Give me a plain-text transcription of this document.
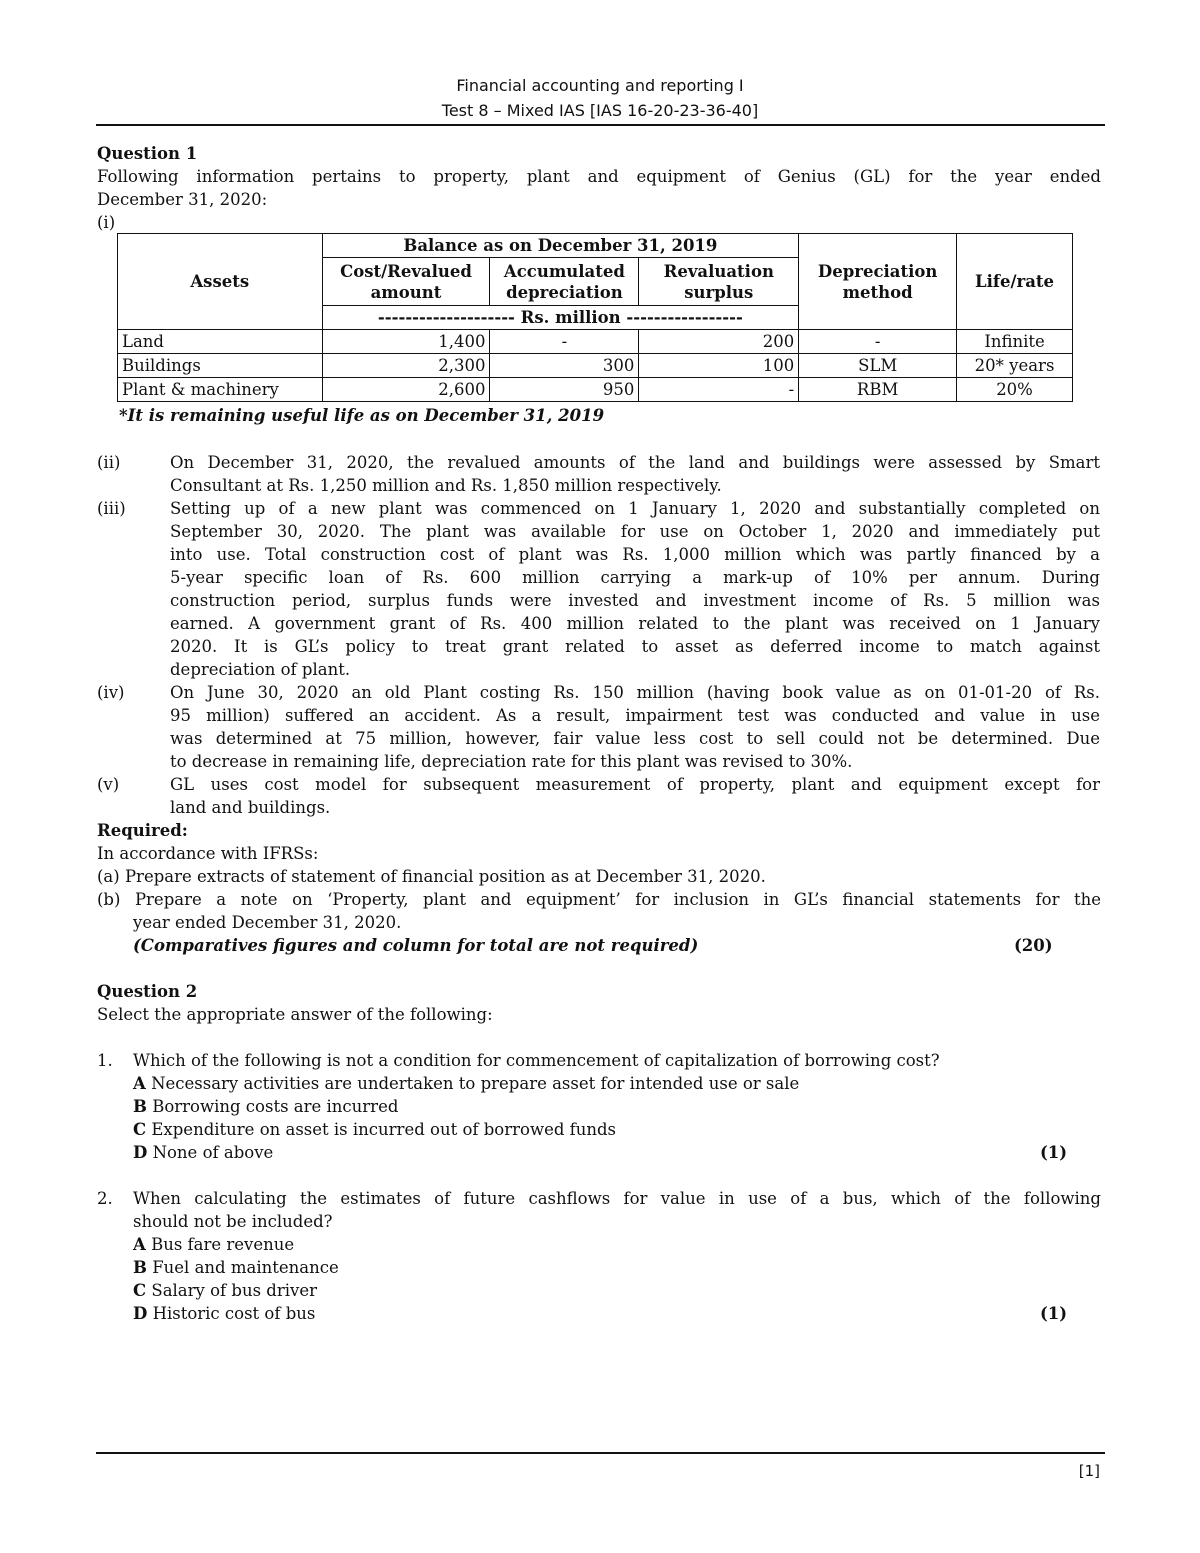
Financial accounting and reporting I
Test 8 – Mixed IAS [IAS 16-20-23-36-40]
Question 1
Following information pertains to property, plant and equipment of Genius (GL) for the year ended
December 31, 2020:
(i)
Assets	Balance as on December 31, 2019			Depreciation method	Life/rate
	Cost/Revalued amount	Accumulated depreciation	Revaluation surplus		
	-------------------- Rs. million -----------------				
Land	1,400	-	200	-	Infinite
Buildings	2,300	300	100	SLM	20* years
Plant & machinery	2,600	950	-	RBM	20%
*It is remaining useful life as on December 31, 2019
(ii)	On December 31, 2020, the revalued amounts of the land and buildings were assessed by Smart
Consultant at Rs. 1,250 million and Rs. 1,850 million respectively.
(iii)	Setting up of a new plant was commenced on 1 January 1, 2020 and substantially completed on
September 30, 2020. The plant was available for use on October 1, 2020 and immediately put
into use. Total construction cost of plant was Rs. 1,000 million which was partly financed by a
5-year specific loan of Rs. 600 million carrying a mark-up of 10% per annum. During
construction period, surplus funds were invested and investment income of Rs. 5 million was
earned. A government grant of Rs. 400 million related to the plant was received on 1 January
2020. It is GL’s policy to treat grant related to asset as deferred income to match against
depreciation of plant.
(iv)	On June 30, 2020 an old Plant costing Rs. 150 million (having book value as on 01-01-20 of Rs.
95 million) suffered an accident. As a result, impairment test was conducted and value in use
was determined at 75 million, however, fair value less cost to sell could not be determined. Due
to decrease in remaining life, depreciation rate for this plant was revised to 30%.
(v)	GL uses cost model for subsequent measurement of property, plant and equipment except for
land and buildings.
Required:
In accordance with IFRSs:
(a) Prepare extracts of statement of financial position as at December 31, 2020.
(b) Prepare a note on ‘Property, plant and equipment’ for inclusion in GL’s financial statements for the
year ended December 31, 2020.
(Comparatives figures and column for total are not required)	(20)
Question 2
Select the appropriate answer of the following:
1. Which of the following is not a condition for commencement of capitalization of borrowing cost?
A Necessary activities are undertaken to prepare asset for intended use or sale
B Borrowing costs are incurred
C Expenditure on asset is incurred out of borrowed funds
D None of above	(1)
2. When calculating the estimates of future cashflows for value in use of a bus, which of the following
should not be included?
A Bus fare revenue
B Fuel and maintenance
C Salary of bus driver
D Historic cost of bus	(1)
[1]
